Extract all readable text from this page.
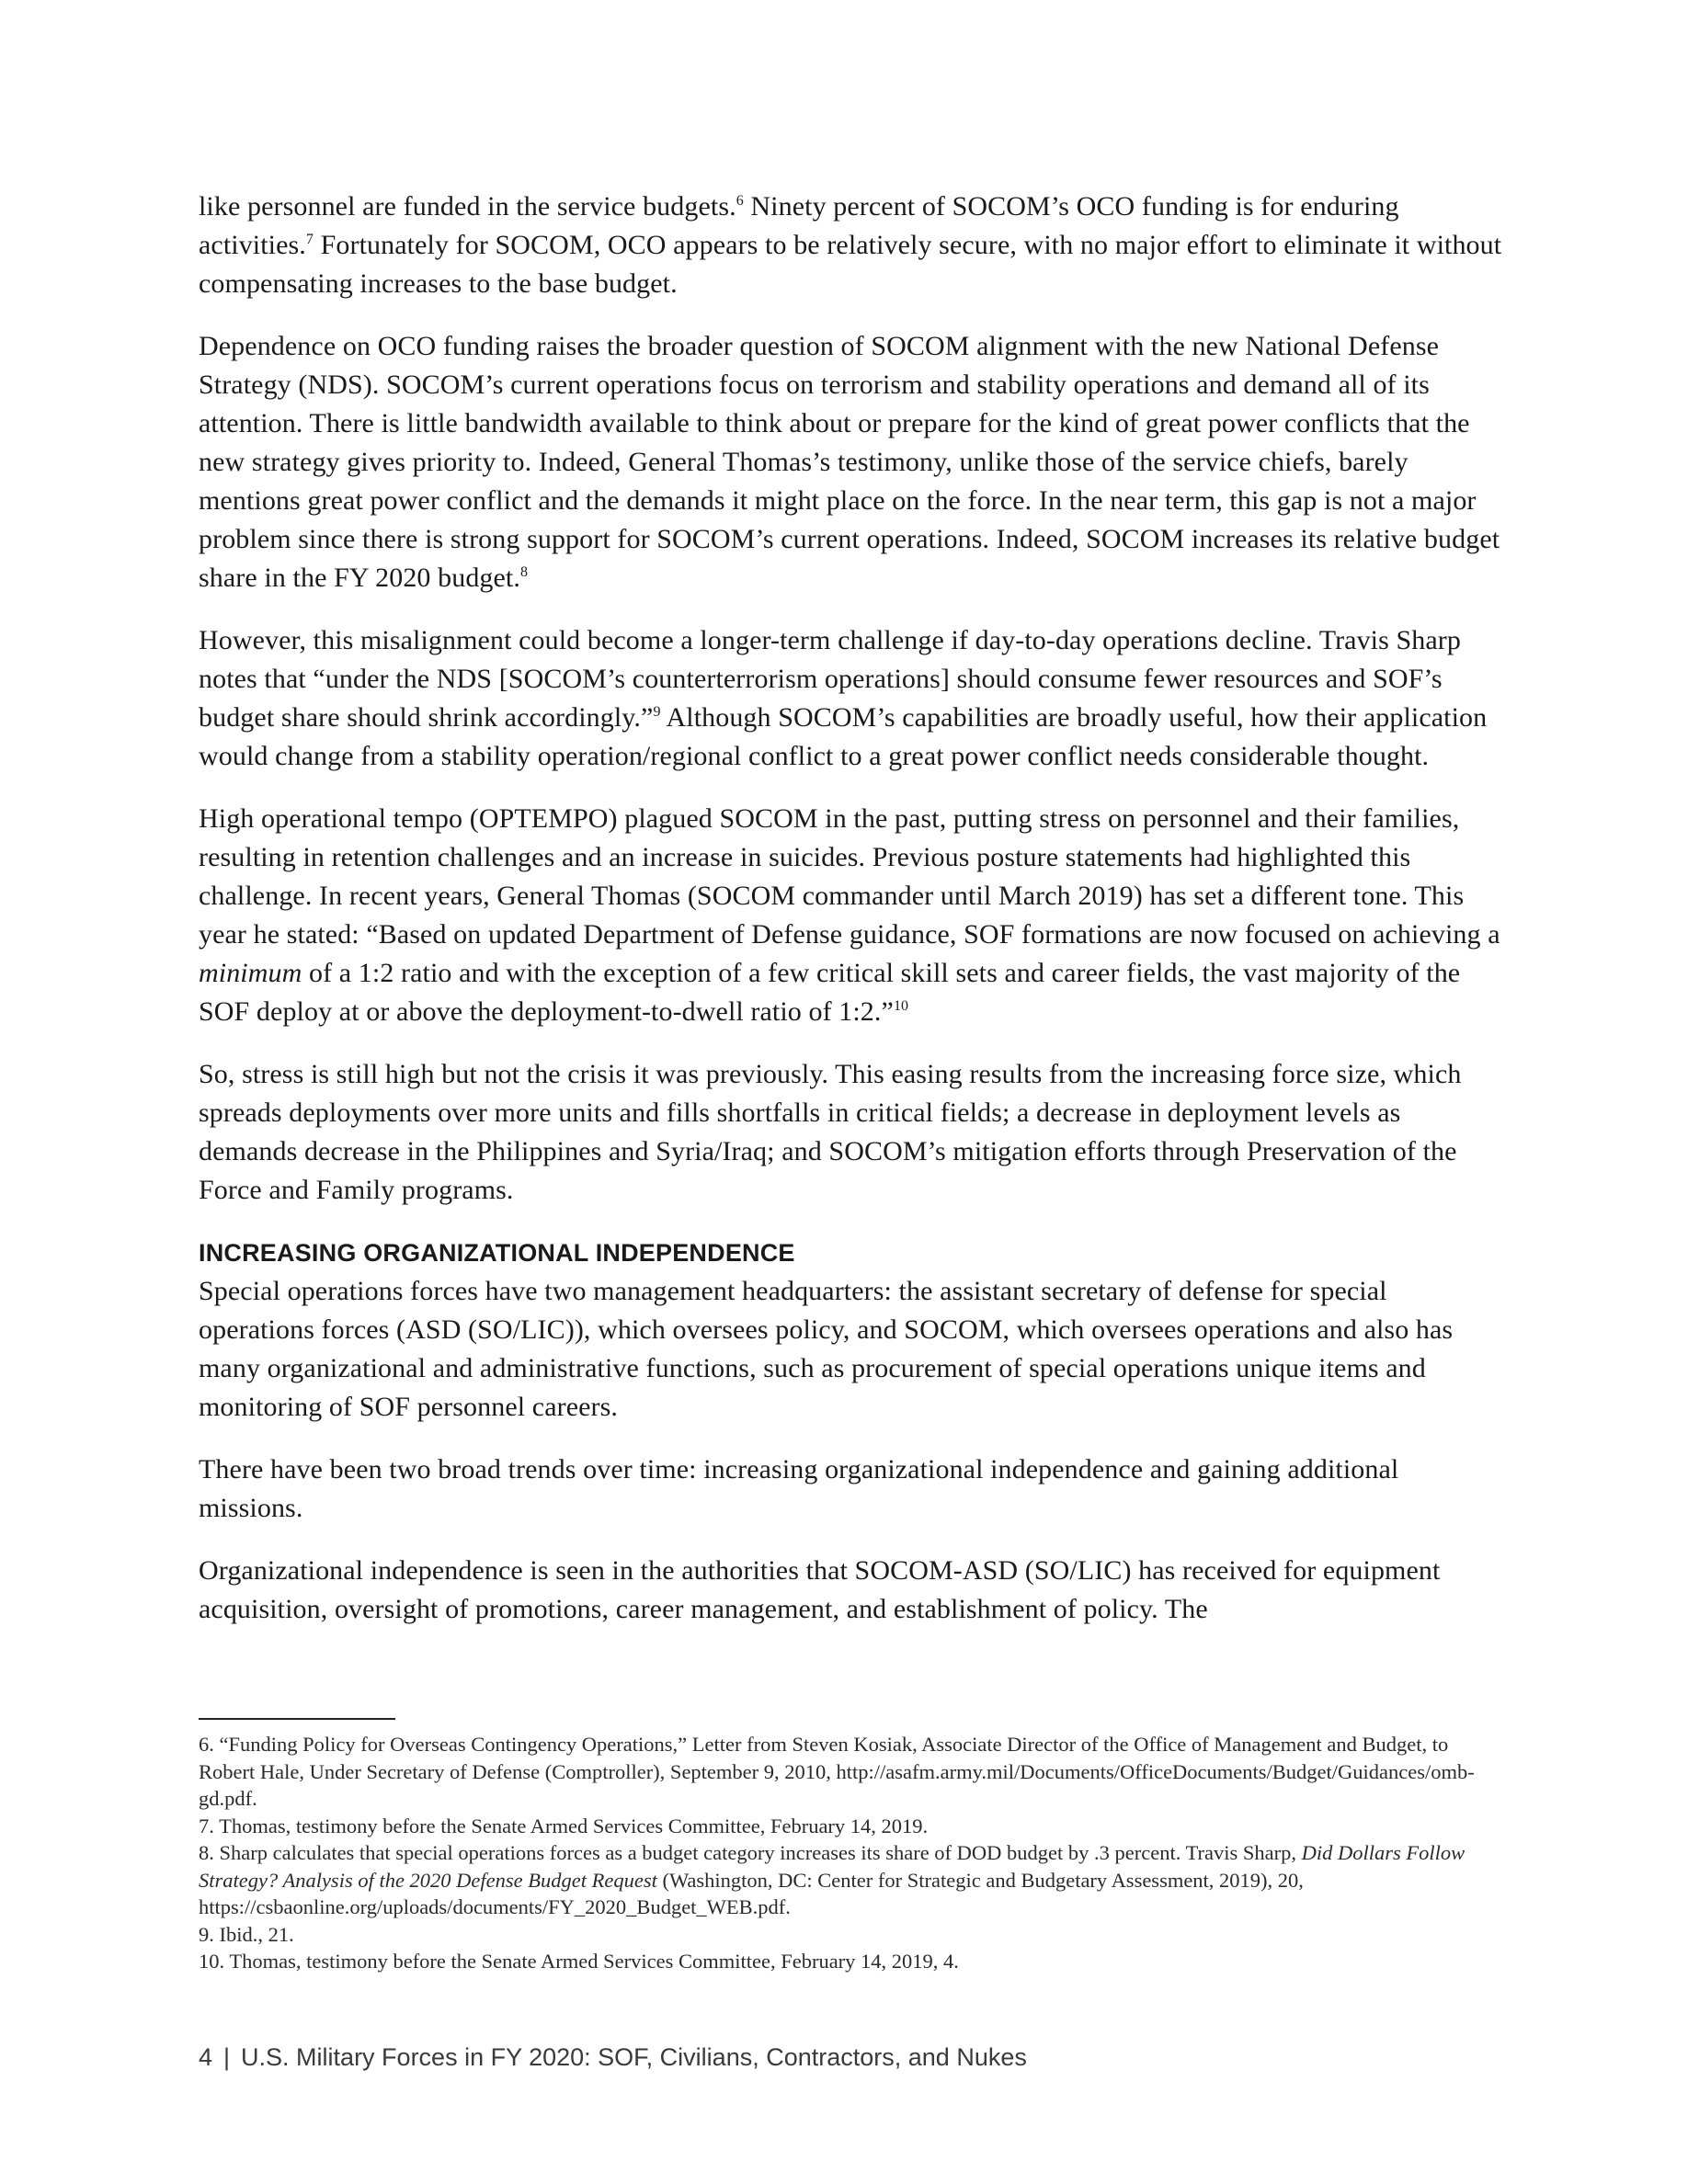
like personnel are funded in the service budgets.$^6$ Ninety percent of SOCOM’s OCO funding is for enduring activities.$^7$ Fortunately for SOCOM, OCO appears to be relatively secure, with no major effort to eliminate it without compensating increases to the base budget.

Dependence on OCO funding raises the broader question of SOCOM alignment with the new National Defense Strategy (NDS). SOCOM’s current operations focus on terrorism and stability operations and demand all of its attention. There is little bandwidth available to think about or prepare for the kind of great power conflicts that the new strategy gives priority to. Indeed, General Thomas’s testimony, unlike those of the service chiefs, barely mentions great power conflict and the demands it might place on the force. In the near term, this gap is not a major problem since there is strong support for SOCOM’s current operations. Indeed, SOCOM increases its relative budget share in the FY 2020 budget.$^8$

However, this misalignment could become a longer-term challenge if day-to-day operations decline. Travis Sharp notes that “under the NDS [SOCOM’s counterterrorism operations] should consume fewer resources and SOF’s budget share should shrink accordingly.”$^9$ Although SOCOM’s capabilities are broadly useful, how their application would change from a stability operation/regional conflict to a great power conflict needs considerable thought.

High operational tempo (OPTEMPO) plagued SOCOM in the past, putting stress on personnel and their families, resulting in retention challenges and an increase in suicides. Previous posture statements had highlighted this challenge. In recent years, General Thomas (SOCOM commander until March 2019) has set a different tone. This year he stated: “Based on updated Department of Defense guidance, SOF formations are now focused on achieving a minimum of a 1:2 ratio and with the exception of a few critical skill sets and career fields, the vast majority of the SOF deploy at or above the deployment-to-dwell ratio of 1:2.”$^{10}$

So, stress is still high but not the crisis it was previously. This easing results from the increasing force size, which spreads deployments over more units and fills shortfalls in critical fields; a decrease in deployment levels as demands decrease in the Philippines and Syria/Iraq; and SOCOM’s mitigation efforts through Preservation of the Force and Family programs.

INCREASING ORGANIZATIONAL INDEPENDENCE

Special operations forces have two management headquarters: the assistant secretary of defense for special operations forces (ASD (SO/LIC)), which oversees policy, and SOCOM, which oversees operations and also has many organizational and administrative functions, such as procurement of special operations unique items and monitoring of SOF personnel careers.

There have been two broad trends over time: increasing organizational independence and gaining additional missions.

Organizational independence is seen in the authorities that SOCOM-ASD (SO/LIC) has received for equipment acquisition, oversight of promotions, career management, and establishment of policy. The

6. “Funding Policy for Overseas Contingency Operations,” Letter from Steven Kosiak, Associate Director of the Office of Management and Budget, to Robert Hale, Under Secretary of Defense (Comptroller), September 9, 2010, http://asafm.army.mil/Documents/OfficeDocuments/Budget/Guidances/omb-gd.pdf.

7. Thomas, testimony before the Senate Armed Services Committee, February 14, 2019.

8. Sharp calculates that special operations forces as a budget category increases its share of DOD budget by .3 percent. Travis Sharp, Did Dollars Follow Strategy? Analysis of the 2020 Defense Budget Request (Washington, DC: Center for Strategic and Budgetary Assessment, 2019), 20, https://csbaonline.org/uploads/documents/FY_2020_Budget_WEB.pdf.

9. Ibid., 21.

10. Thomas, testimony before the Senate Armed Services Committee, February 14, 2019, 4.

4 | U.S. Military Forces in FY 2020: SOF, Civilians, Contractors, and Nukes
